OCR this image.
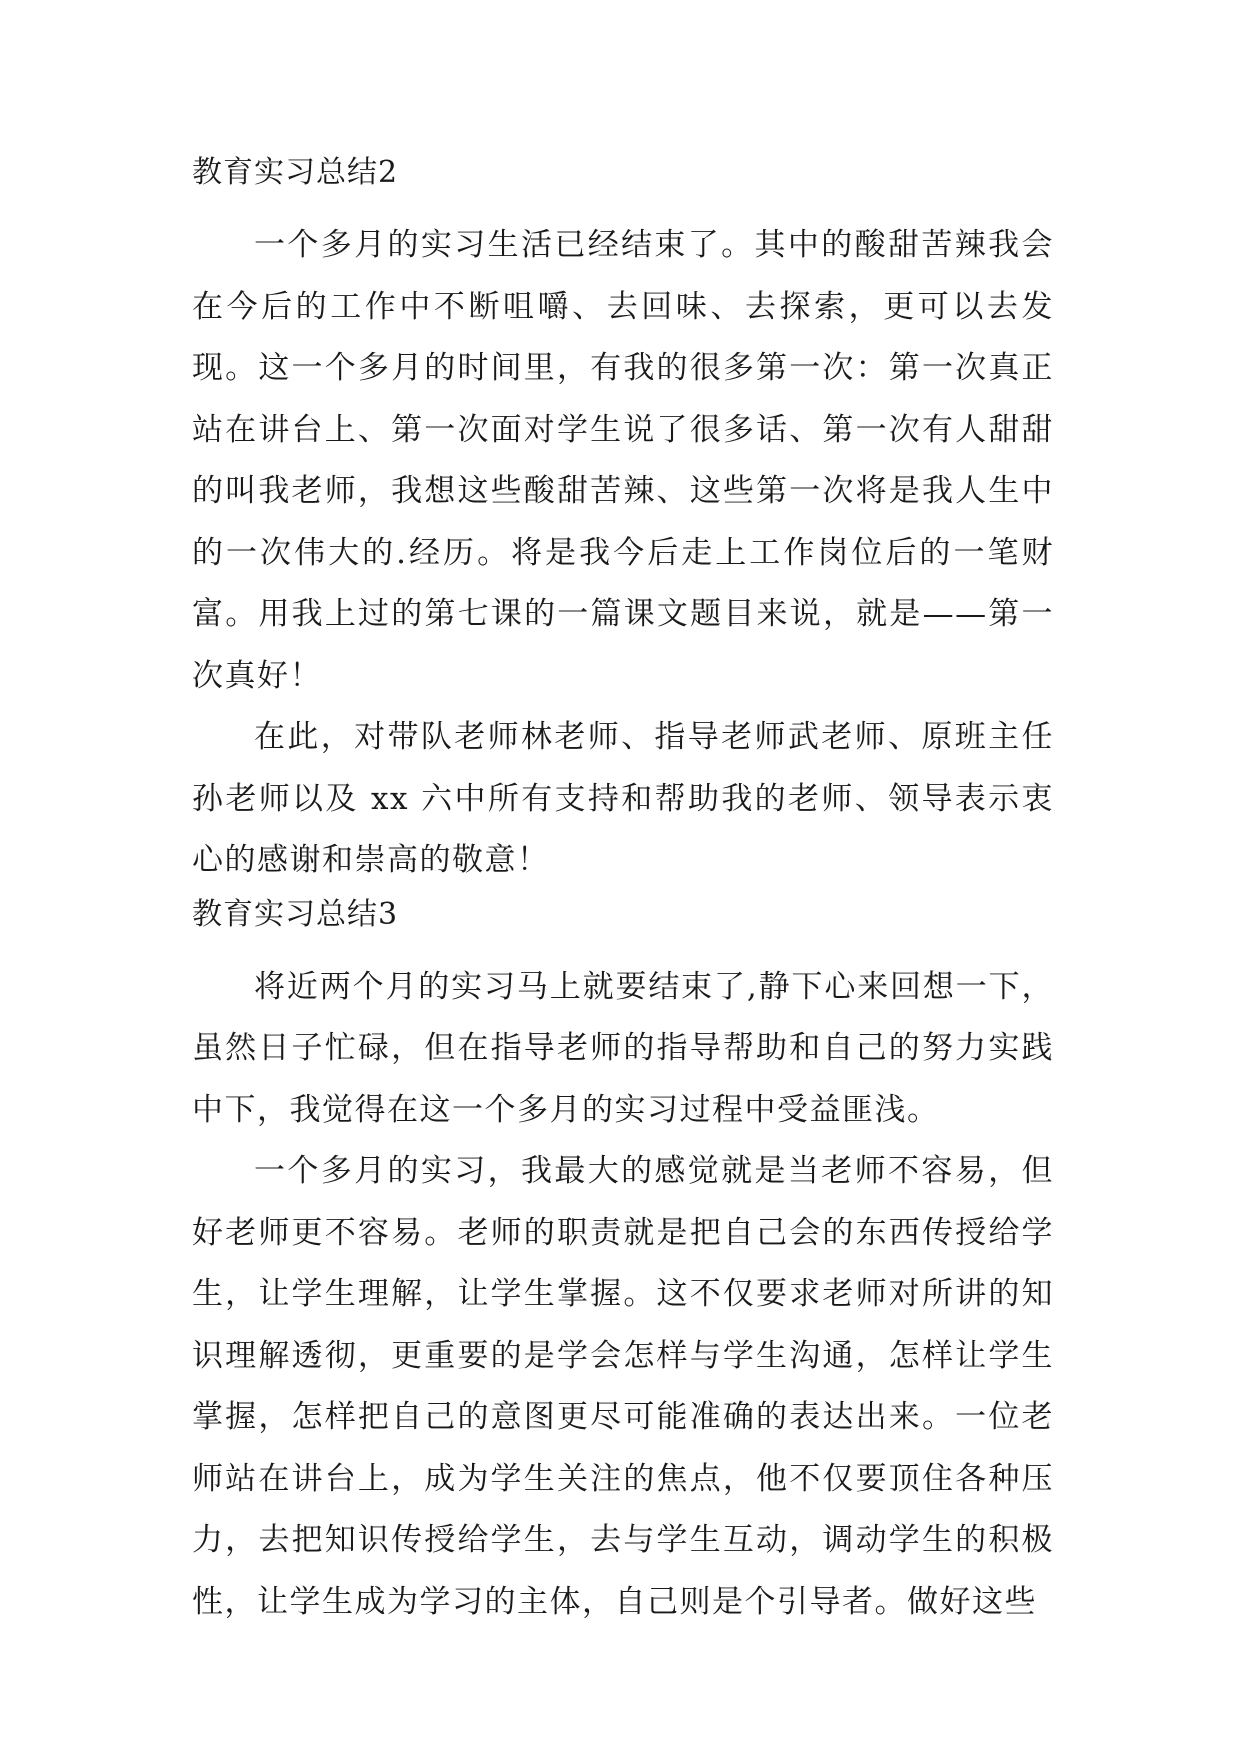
教育实习总结2

一个多月的实习生活已经结束了。其中的酸甜苦辣我会在今后的工作中不断咀嚼、去回味、去探索，更可以去发现。这一个多月的时间里，有我的很多第一次：第一次真正站在讲台上、第一次面对学生说了很多话、第一次有人甜甜的叫我老师，我想这些酸甜苦辣、这些第一次将是我人生中的一次伟大的.经历。将是我今后走上工作岗位后的一笔财富。用我上过的第七课的一篇课文题目来说，就是——第一次真好！

在此，对带队老师林老师、指导老师武老师、原班主任孙老师以及 xx 六中所有支持和帮助我的老师、领导表示衷心的感谢和崇高的敬意！

教育实习总结3

将近两个月的实习马上就要结束了,静下心来回想一下，虽然日子忙碌，但在指导老师的指导帮助和自己的努力实践中下，我觉得在这一个多月的实习过程中受益匪浅。

一个多月的实习，我最大的感觉就是当老师不容易，但好老师更不容易。老师的职责就是把自己会的东西传授给学生，让学生理解，让学生掌握。这不仅要求老师对所讲的知识理解透彻，更重要的是学会怎样与学生沟通，怎样让学生掌握，怎样把自己的意图更尽可能准确的表达出来。一位老师站在讲台上，成为学生关注的焦点，他不仅要顶住各种压力，去把知识传授给学生，去与学生互动，调动学生的积极性，让学生成为学习的主体，自己则是个引导者。做好这些
